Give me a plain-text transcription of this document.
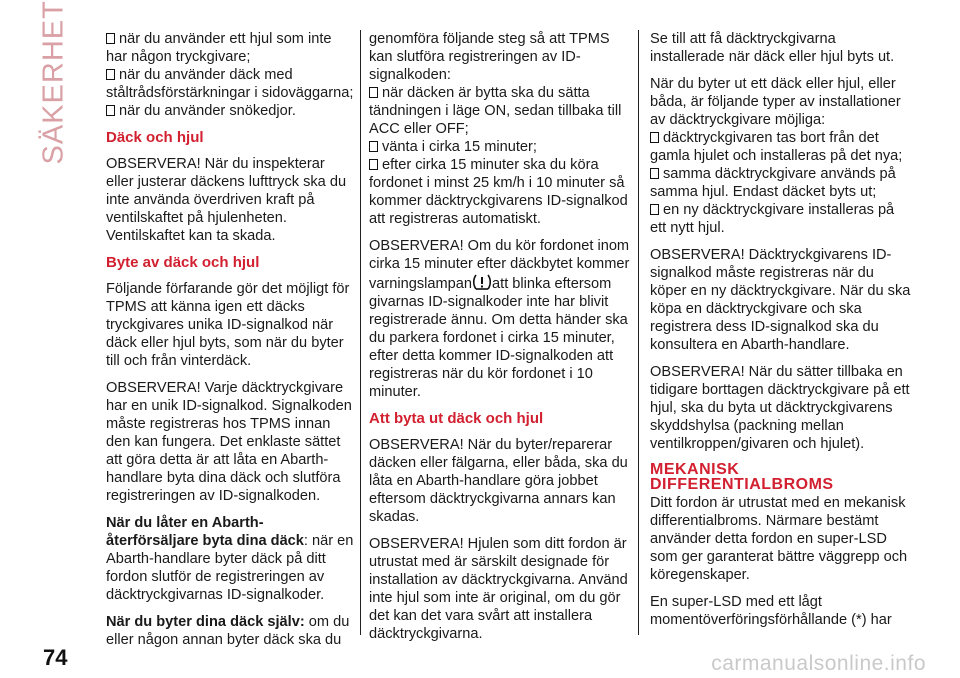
SÄKERHET	när du använder ett hjul som inte har någon tryckgivare;

när du använder däck med ståltrådsförstärkningar i sidoväggarna;

när du använder snökedjor.

Däck och hjul

OBSERVERA! När du inspekterar eller justerar däckens lufttryck ska du inte använda överdriven kraft på ventilskaftet på hjulenheten. Ventilskaftet kan ta skada.

Byte av däck och hjul

Följande förfarande gör det möjligt för TPMS att känna igen ett däcks tryckgivares unika ID-signalkod när däck eller hjul byts, som när du byter till och från vinterdäck.

OBSERVERA! Varje däcktryckgivare har en unik ID-signalkod. Signalkoden måste registreras hos TPMS innan den kan fungera. Det enklaste sättet att göra detta är att låta en Abarth-handlare byta dina däck och slutföra registreringen av ID-signalkoden.

När du låter en Abarth-återförsäljare byta dina däck: när en Abarth-handlare byter däck på ditt fordon slutför de registreringen av däcktryckgivarnas ID-signalkoder.

När du byter dina däck själv: om du eller någon annan byter däck ska du

genomföra följande steg så att TPMS kan slutföra registreringen av ID-signalkoden:

när däcken är bytta ska du sätta tändningen i läge ON, sedan tillbaka till ACC eller OFF;

vänta i cirka 15 minuter;

efter cirka 15 minuter ska du köra fordonet i minst 25 km/h i 10 minuter så kommer däcktryckgivarens ID-signalkod att registreras automatiskt.

OBSERVERA! Om du kör fordonet inom cirka 15 minuter efter däckbytet kommer varningslampan att blinka eftersom givarnas ID-signalkoder inte har blivit registrerade ännu. Om detta händer ska du parkera fordonet i cirka 15 minuter, efter detta kommer ID-signalkoden att registreras när du kör fordonet i 10 minuter.

Att byta ut däck och hjul

OBSERVERA! När du byter/reparerar däcken eller fälgarna, eller båda, ska du låta en Abarth-handlare göra jobbet eftersom däcktryckgivarna annars kan skadas.

OBSERVERA! Hjulen som ditt fordon är utrustat med är särskilt designade för installation av däcktryckgivarna. Använd inte hjul som inte är original, om du gör det kan det vara svårt att installera däcktryckgivarna.

Se till att få däcktryckgivarna installerade när däck eller hjul byts ut.

När du byter ut ett däck eller hjul, eller båda, är följande typer av installationer av däcktryckgivare möjliga:

däcktryckgivaren tas bort från det gamla hjulet och installeras på det nya;

samma däcktryckgivare används på samma hjul. Endast däcket byts ut;

en ny däcktryckgivare installeras på ett nytt hjul.

OBSERVERA! Däcktryckgivarens ID-signalkod måste registreras när du köper en ny däcktryckgivare. När du ska köpa en däcktryckgivare och ska registrera dess ID-signalkod ska du konsultera en Abarth-handlare.

OBSERVERA! När du sätter tillbaka en tidigare borttagen däcktryckgivare på ett hjul, ska du byta ut däcktryckgivarens skyddshylsa (packning mellan ventilkroppen/givaren och hjulet).

MEKANISK
DIFFERENTIALBROMS

Ditt fordon är utrustat med en mekanisk differentialbroms. Närmare bestämt använder detta fordon en super-LSD som ger garanterat bättre väggrepp och köregenskaper.

En super-LSD med ett lågt momentöverföringsförhållande (*) har

74	carmanualsonline.info
